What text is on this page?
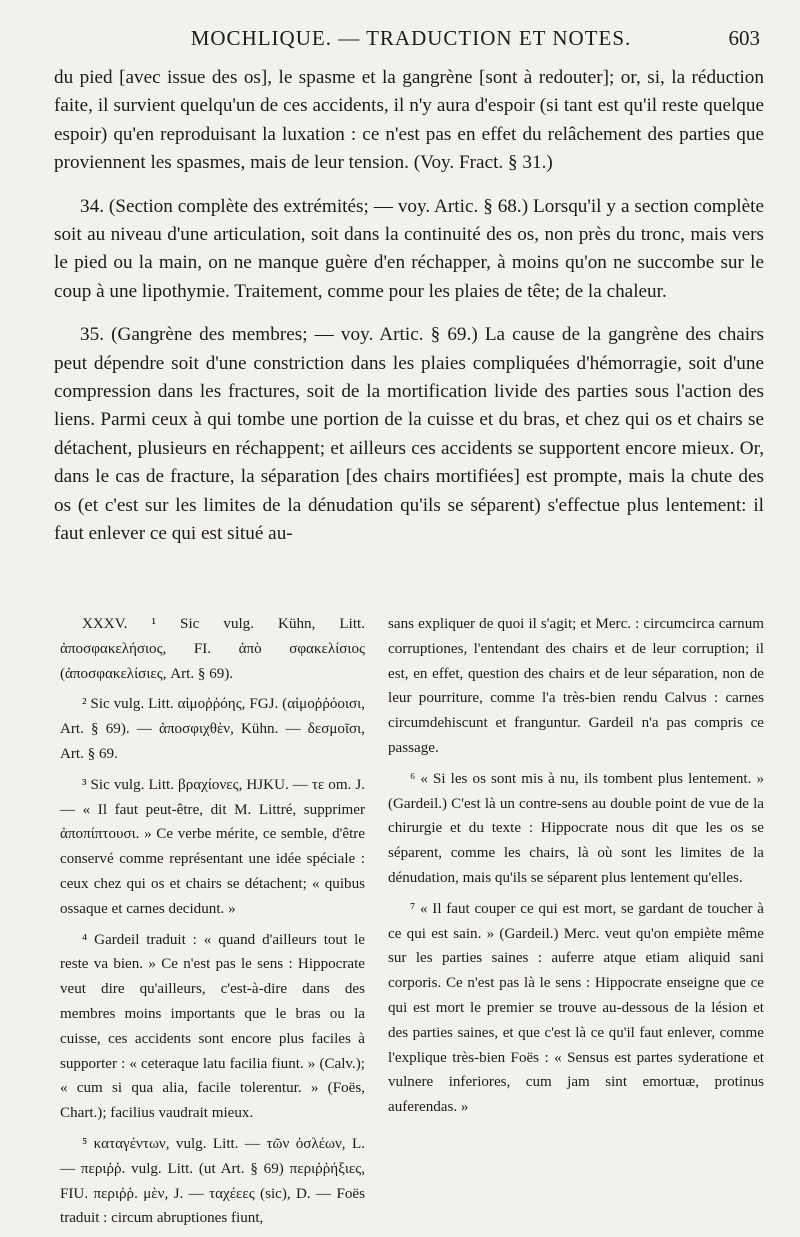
MOCHLIQUE. — TRADUCTION ET NOTES.	603

du pied [avec issue des os], le spasme et la gangrène [sont à redouter]; or, si, la réduction faite, il survient quelqu'un de ces accidents, il n'y aura d'espoir (si tant est qu'il reste quelque espoir) qu'en reproduisant la luxation : ce n'est pas en effet du relâchement des parties que proviennent les spasmes, mais de leur tension. (Voy. Fract. § 31.)

34. (Section complète des extrémités; — voy. Artic. § 68.) Lorsqu'il y a section complète soit au niveau d'une articulation, soit dans la continuité des os, non près du tronc, mais vers le pied ou la main, on ne manque guère d'en réchapper, à moins qu'on ne succombe sur le coup à une lipothymie. Traitement, comme pour les plaies de tête; de la chaleur.

35. (Gangrène des membres; — voy. Artic. § 69.) La cause de la gangrène des chairs peut dépendre soit d'une constriction dans les plaies compliquées d'hémorragie, soit d'une compression dans les fractures, soit de la mortification livide des parties sous l'action des liens. Parmi ceux à qui tombe une portion de la cuisse et du bras, et chez qui os et chairs se détachent, plusieurs en réchappent; et ailleurs ces accidents se supportent encore mieux. Or, dans le cas de fracture, la séparation [des chairs mortifiées] est prompte, mais la chute des os (et c'est sur les limites de la dénudation qu'ils se séparent) s'effectue plus lentement: il faut enlever ce qui est situé au-

XXXV. ¹ Sic vulg. Kühn, Litt. ἀποσφακελήσιος, FI. ἀπὸ σφακελίσιος (ἀποσφακελίσιες, Art. § 69).

² Sic vulg. Litt. αἱμοῤῥόης, FGJ. (αἱμοῤῥόοισι, Art. § 69). — ἀποσφιχθὲν, Kühn. — δεσμοῖσι, Art. § 69.

³ Sic vulg. Litt. βραχίονες, HJKU. — τε om. J. — « Il faut peut-être, dit M. Littré, supprimer ἀποπίπτουσι. » Ce verbe mérite, ce semble, d'être conservé comme représentant une idée spéciale : ceux chez qui os et chairs se détachent; « quibus ossaque et carnes decidunt. »

⁴ Gardeil traduit : « quand d'ailleurs tout le reste va bien. » Ce n'est pas le sens : Hippocrate veut dire qu'ailleurs, c'est-à-dire dans des membres moins importants que le bras ou la cuisse, ces accidents sont encore plus faciles à supporter : « ceteraque latu facilia fiunt. » (Calv.); « cum si qua alia, facile tolerentur. » (Foës, Chart.); facilius vaudrait mieux.

⁵ καταγέντων, vulg. Litt. — τῶν ὀσλέων, L. — περιῤῥ. vulg. Litt. (ut Art. § 69) περιῤῥήξιες, FIU. περιῤῥ. μὲν, J. — ταχέεες (sic), D. — Foës traduit : circum abruptiones fiunt,

sans expliquer de quoi il s'agit; et Merc. : circumcirca carnum corruptiones, l'entendant des chairs et de leur corruption; il est, en effet, question des chairs et de leur séparation, non de leur pourriture, comme l'a très-bien rendu Calvus : carnes circumdehiscunt et franguntur. Gardeil n'a pas compris ce passage.

⁶ « Si les os sont mis à nu, ils tombent plus lentement. » (Gardeil.) C'est là un contre-sens au double point de vue de la chirurgie et du texte : Hippocrate nous dit que les os se séparent, comme les chairs, là où sont les limites de la dénudation, mais qu'ils se séparent plus lentement qu'elles.

⁷ « Il faut couper ce qui est mort, se gardant de toucher à ce qui est sain. » (Gardeil.) Merc. veut qu'on empiète même sur les parties saines : auferre atque etiam aliquid sani corporis. Ce n'est pas là le sens : Hippocrate enseigne que ce qui est mort le premier se trouve au-dessous de la lésion et des parties saines, et que c'est là ce qu'il faut enlever, comme l'explique très-bien Foës : « Sensus est partes syderatione et vulnere inferiores, cum jam sint emortuæ, protinus auferendas. »
